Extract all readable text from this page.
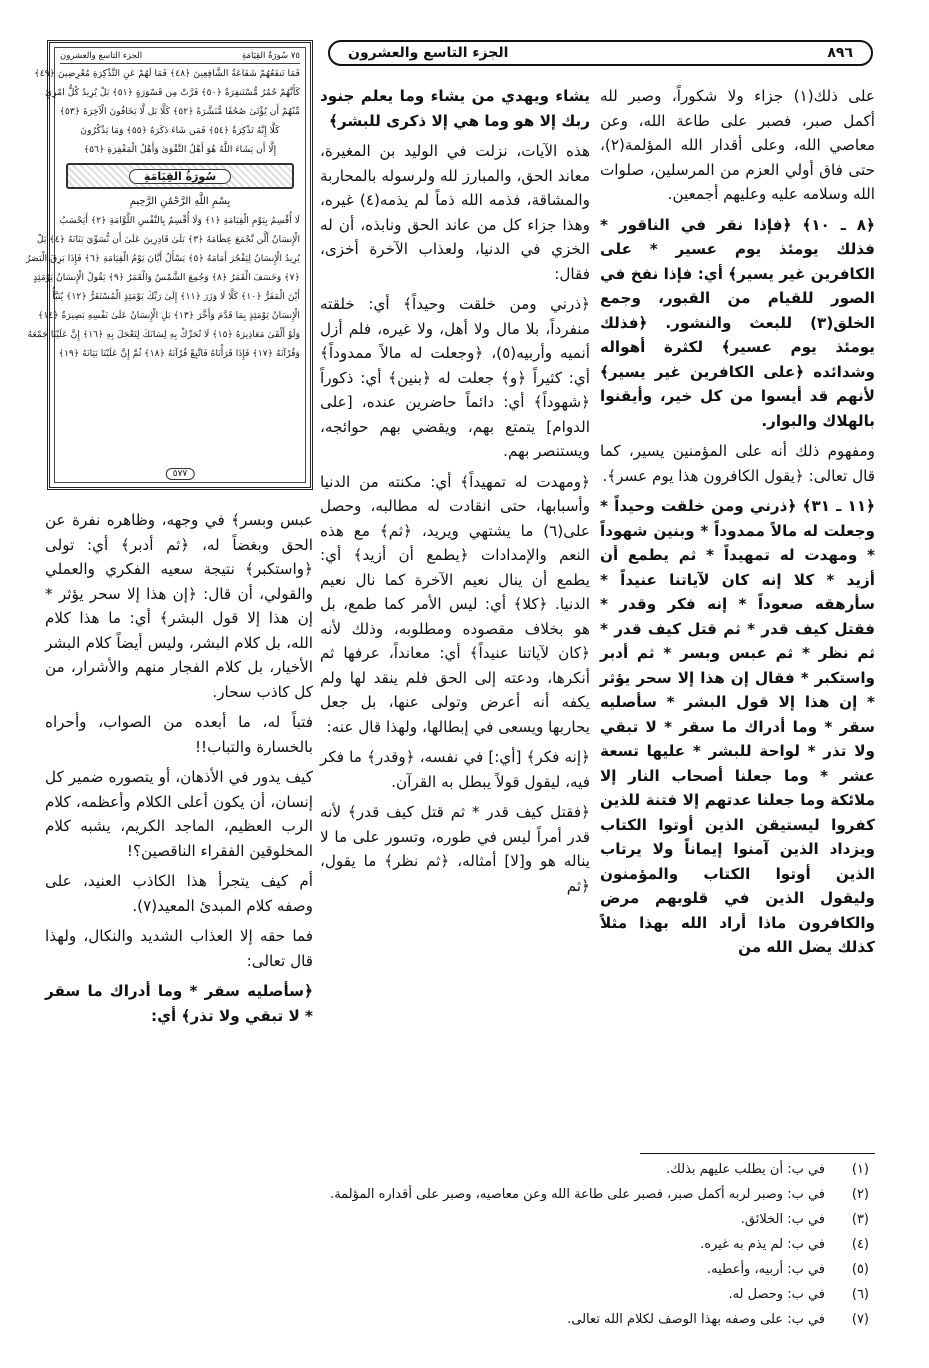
٨٩٦
الجزء التاسع والعشرون
٧٥ سُورَةُ القِيَامَةِ
الجزء التاسع والعشرون
فَمَا تَنفَعُهُمْ شَفَاعَةُ الشَّافِعِينَ ﴿٤٨﴾ فَمَا لَهُمْ عَنِ التَّذْكِرَةِ مُعْرِضِينَ ﴿٤٩﴾
كَأَنَّهُمْ حُمُرٌ مُّسْتَنفِرَةٌ ﴿٥٠﴾ فَرَّتْ مِن قَسْوَرَةٍ ﴿٥١﴾ بَلْ يُرِيدُ كُلُّ امْرِئٍ
مِّنْهُمْ أَن يُؤْتَىٰ صُحُفًا مُّنَشَّرَةً ﴿٥٢﴾ كَلَّا بَل لَّا يَخَافُونَ الْآخِرَةَ ﴿٥٣﴾
كَلَّا إِنَّهُ تَذْكِرَةٌ ﴿٥٤﴾ فَمَن شَاءَ ذَكَرَهُ ﴿٥٥﴾ وَمَا يَذْكُرُونَ
إِلَّا أَن يَشَاءَ اللَّهُ هُوَ أَهْلُ التَّقْوَىٰ وَأَهْلُ الْمَغْفِرَةِ ﴿٥٦﴾
سُورَةُ القِيَامَةِ
بِسْمِ اللَّهِ الرَّحْمَٰنِ الرَّحِيمِ
لَا أُقْسِمُ بِيَوْمِ الْقِيَامَةِ ﴿١﴾ وَلَا أُقْسِمُ بِالنَّفْسِ اللَّوَّامَةِ ﴿٢﴾ أَيَحْسَبُ
الْإِنسَانُ أَلَّن نَّجْمَعَ عِظَامَهُ ﴿٣﴾ بَلَىٰ قَادِرِينَ عَلَىٰ أَن نُّسَوِّيَ بَنَانَهُ ﴿٤﴾ بَلْ
يُرِيدُ الْإِنسَانُ لِيَفْجُرَ أَمَامَهُ ﴿٥﴾ يَسْأَلُ أَيَّانَ يَوْمُ الْقِيَامَةِ ﴿٦﴾ فَإِذَا بَرِقَ الْبَصَرُ
﴿٧﴾ وَخَسَفَ الْقَمَرُ ﴿٨﴾ وَجُمِعَ الشَّمْسُ وَالْقَمَرُ ﴿٩﴾ يَقُولُ الْإِنسَانُ يَوْمَئِذٍ
أَيْنَ الْمَفَرُّ ﴿١٠﴾ كَلَّا لَا وَزَرَ ﴿١١﴾ إِلَىٰ رَبِّكَ يَوْمَئِذٍ الْمُسْتَقَرُّ ﴿١٢﴾ يُنَبَّأُ
الْإِنسَانُ يَوْمَئِذٍ بِمَا قَدَّمَ وَأَخَّرَ ﴿١٣﴾ بَلِ الْإِنسَانُ عَلَىٰ نَفْسِهِ بَصِيرَةٌ ﴿١٤﴾
وَلَوْ أَلْقَىٰ مَعَاذِيرَهُ ﴿١٥﴾ لَا تُحَرِّكْ بِهِ لِسَانَكَ لِتَعْجَلَ بِهِ ﴿١٦﴾ إِنَّ عَلَيْنَا جَمْعَهُ
وَقُرْآنَهُ ﴿١٧﴾ فَإِذَا قَرَأْنَاهُ فَاتَّبِعْ قُرْآنَهُ ﴿١٨﴾ ثُمَّ إِنَّ عَلَيْنَا بَيَانَهُ ﴿١٩﴾
٥٧٧

على ذلك(١) جزاء ولا شكوراً، وصبر لله أكمل صبر، فصبر على طاعة الله، وعن معاصي الله، وعلى أقدار الله المؤلمة(٢)، حتى فاق أولي العزم من المرسلين، صلوات الله وسلامه عليه وعليهم أجمعين.

﴿٨ ـ ١٠﴾ ﴿فإذا نقر في الناقور * فذلك يومئذ يوم عسير * على الكافرين غير يسير﴾ أي: فإذا نفخ في الصور للقيام من القبور، وجمع الخلق(٣) للبعث والنشور. ﴿فذلك يومئذ يوم عسير﴾ لكثرة أهواله وشدائده ﴿على الكافرين غير يسير﴾ لأنهم قد أيسوا من كل خير، وأيقنوا بالهلاك والبوار.

ومفهوم ذلك أنه على المؤمنين يسير، كما قال تعالى: ﴿يقول الكافرون هذا يوم عسر﴾.

﴿١١ ـ ٣١﴾ ﴿ذرني ومن خلقت وحيداً * وجعلت له مالاً ممدوداً * وبنين شهوداً * ومهدت له تمهيداً * ثم يطمع أن أزيد * كلا إنه كان لآياتنا عنيداً * سأرهقه صعوداً * إنه فكر وقدر * فقتل كيف قدر * ثم قتل كيف قدر * ثم نظر * ثم عبس وبسر * ثم أدبر واستكبر * فقال إن هذا إلا سحر يؤثر * إن هذا إلا قول البشر * سأصليه سقر * وما أدراك ما سقر * لا تبقي ولا تذر * لواحة للبشر * عليها تسعة عشر * وما جعلنا أصحاب النار إلا ملائكة وما جعلنا عدتهم إلا فتنة للذين كفروا ليستيقن الذين أوتوا الكتاب ويزداد الذين آمنوا إيماناً ولا يرتاب الذين أوتوا الكتاب والمؤمنون وليقول الذين في قلوبهم مرض والكافرون ماذا أراد الله بهذا مثلاً كذلك يضل الله من

يشاء ويهدي من يشاء وما يعلم جنود ربك إلا هو وما هي إلا ذكرى للبشر﴾

هذه الآيات، نزلت في الوليد بن المغيرة، معاند الحق، والمبارز لله ولرسوله بالمحاربة والمشاقة، فذمه الله ذماً لم يذمه(٤) غيره، وهذا جزاء كل من عاند الحق ونابذه، أن له الخزي في الدنيا، ولعذاب الآخرة أخزى، فقال:

﴿ذرني ومن خلقت وحيداً﴾ أي: خلقته منفرداً، بلا مال ولا أهل، ولا غيره، فلم أزل أنميه وأربيه(٥)، ﴿وجعلت له مالاً ممدوداً﴾ أي: كثيراً ﴿و﴾ جعلت له ﴿بنين﴾ أي: ذكوراً ﴿شهوداً﴾ أي: دائماً حاضرين عنده، [على الدوام] يتمتع بهم، ويقضي بهم حوائجه، ويستنصر بهم.

﴿ومهدت له تمهيداً﴾ أي: مكنته من الدنيا وأسبابها، حتى انقادت له مطالبه، وحصل على(٦) ما يشتهي ويريد، ﴿ثم﴾ مع هذه النعم والإمدادات ﴿يطمع أن أزيد﴾ أي: يطمع أن ينال نعيم الآخرة كما نال نعيم الدنيا. ﴿كلا﴾ أي: ليس الأمر كما طمع، بل هو بخلاف مقصوده ومطلوبه، وذلك لأنه ﴿كان لآياتنا عنيداً﴾ أي: معانداً، عرفها ثم أنكرها، ودعته إلى الحق فلم ينقد لها ولم يكفه أنه أعرض وتولى عنها، بل جعل يحاربها ويسعى في إبطالها، ولهذا قال عنه:

﴿إنه فكر﴾ [أي:] في نفسه، ﴿وقدر﴾ ما فكر فيه، ليقول قولاً يبطل به القرآن.

﴿فقتل كيف قدر * ثم قتل كيف قدر﴾ لأنه قدر أمراً ليس في طوره، وتسور على ما لا يناله هو و[لا] أمثاله، ﴿ثم نظر﴾ ما يقول، ﴿ثم

عبس وبسر﴾ في وجهه، وظاهره نفرة عن الحق وبغضاً له، ﴿ثم أدبر﴾ أي: تولى ﴿واستكبر﴾ نتيجة سعيه الفكري والعملي والقولي، أن قال: ﴿إن هذا إلا سحر يؤثر * إن هذا إلا قول البشر﴾ أي: ما هذا كلام الله، بل كلام البشر، وليس أيضاً كلام البشر الأخيار، بل كلام الفجار منهم والأشرار، من كل كاذب سحار.

فتباً له، ما أبعده من الصواب، وأحراه بالخسارة والتباب!!

كيف يدور في الأذهان، أو يتصوره ضمير كل إنسان، أن يكون أعلى الكلام وأعظمه، كلام الرب العظيم، الماجد الكريم، يشبه كلام المخلوقين الفقراء الناقصين؟!

أم كيف يتجرأ هذا الكاذب العنيد، على وصفه كلام المبدئ المعيد(٧).

فما حقه إلا العذاب الشديد والنكال، ولهذا قال تعالى:

﴿سأصليه سقر * وما أدراك ما سقر * لا تبقي ولا تذر﴾ أي:

(١)
في ب: أن يطلب عليهم بذلك.
(٢)
في ب: وصبر لربه أكمل صبر، فصبر على طاعة الله وعن معاصيه، وصبر على أقداره المؤلمة.
(٣)
في ب: الخلائق.
(٤)
في ب: لم يذم به غيره.
(٥)
في ب: أربيه، وأعطيه.
(٦)
في ب: وحصل له.
(٧)
في ب: على وصفه بهذا الوصف لكلام الله تعالى.
